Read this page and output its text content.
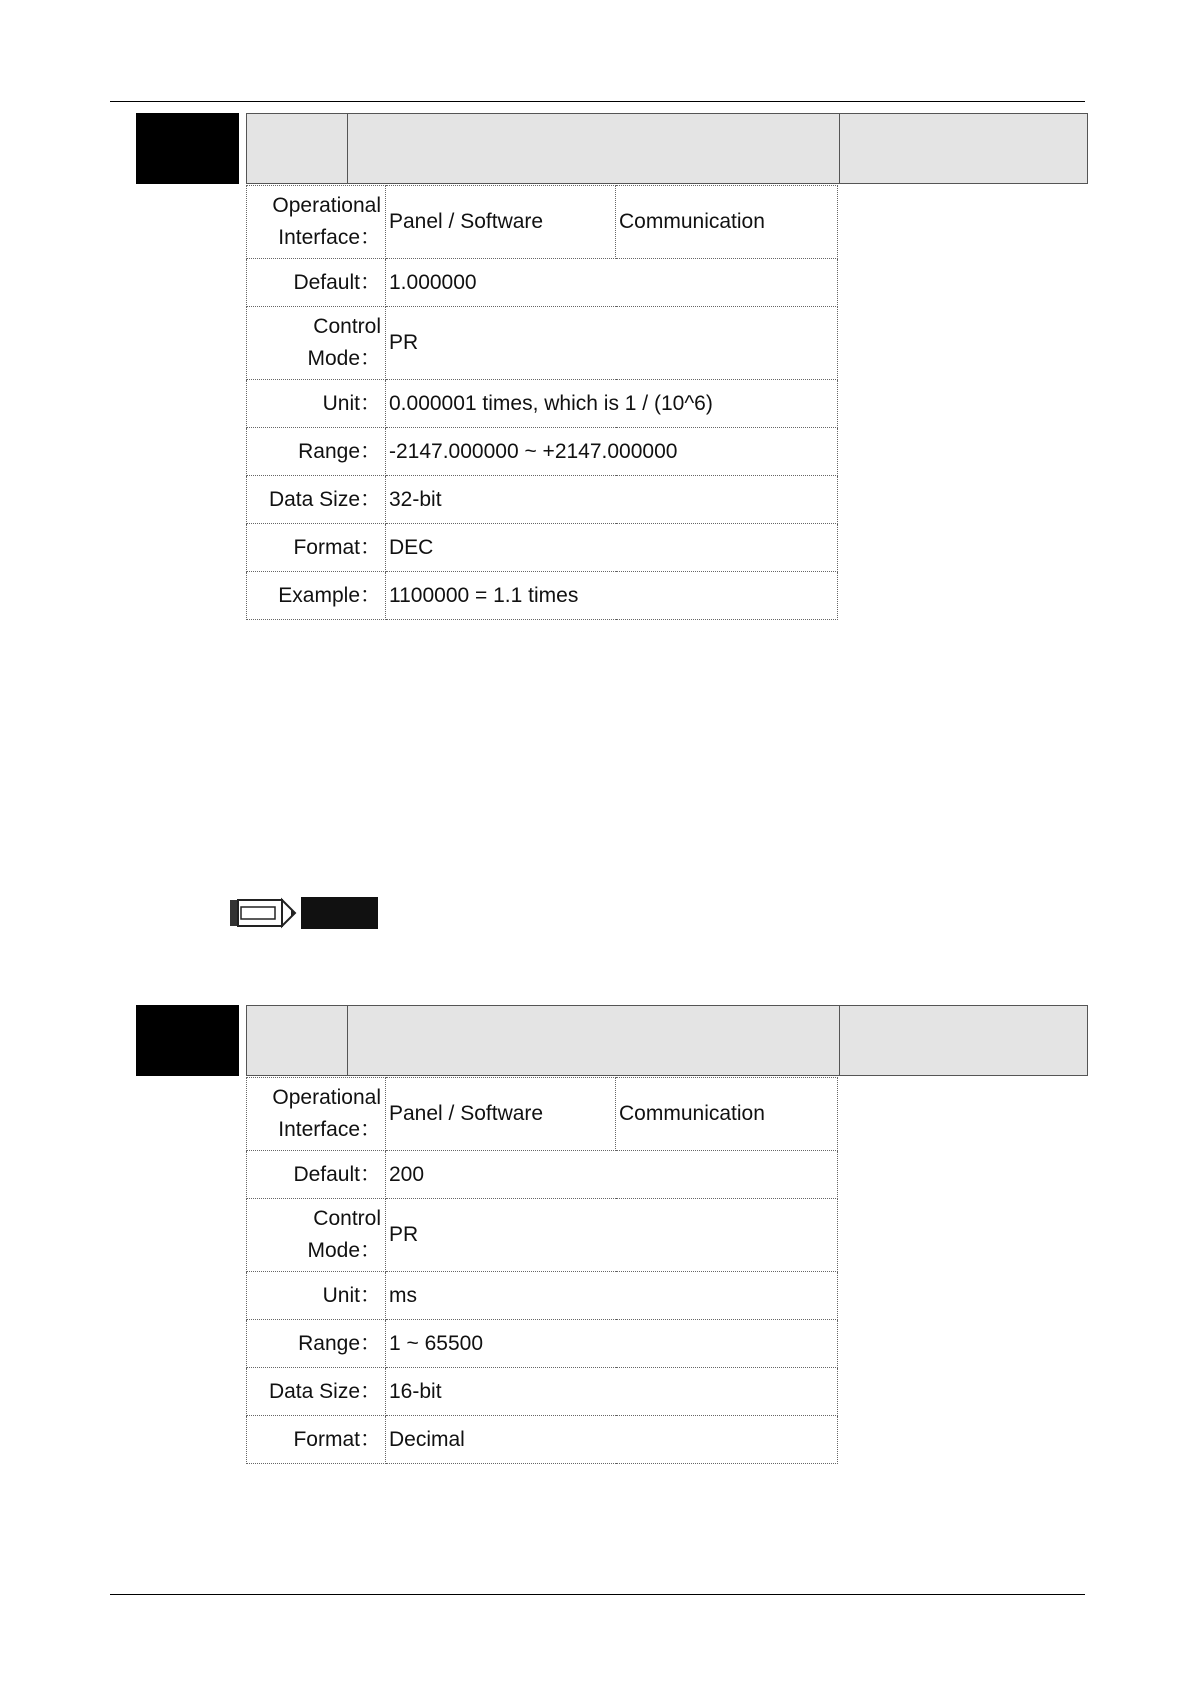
Operational Interface：	Panel / Software	Communication
Default：	1.000000	
Control Mode：	PR	
Unit：	0.000001 times, which is 1 / (10^6)	
Range：	-2147.000000 ~ +2147.000000	
Data Size：	32-bit	
Format：	DEC	
Example：	1100000 = 1.1 times	
Operational Interface：	Panel / Software	Communication
Default：	200	
Control Mode：	PR	
Unit：	ms	
Range：	1 ~ 65500	
Data Size：	16-bit	
Format：	Decimal	
